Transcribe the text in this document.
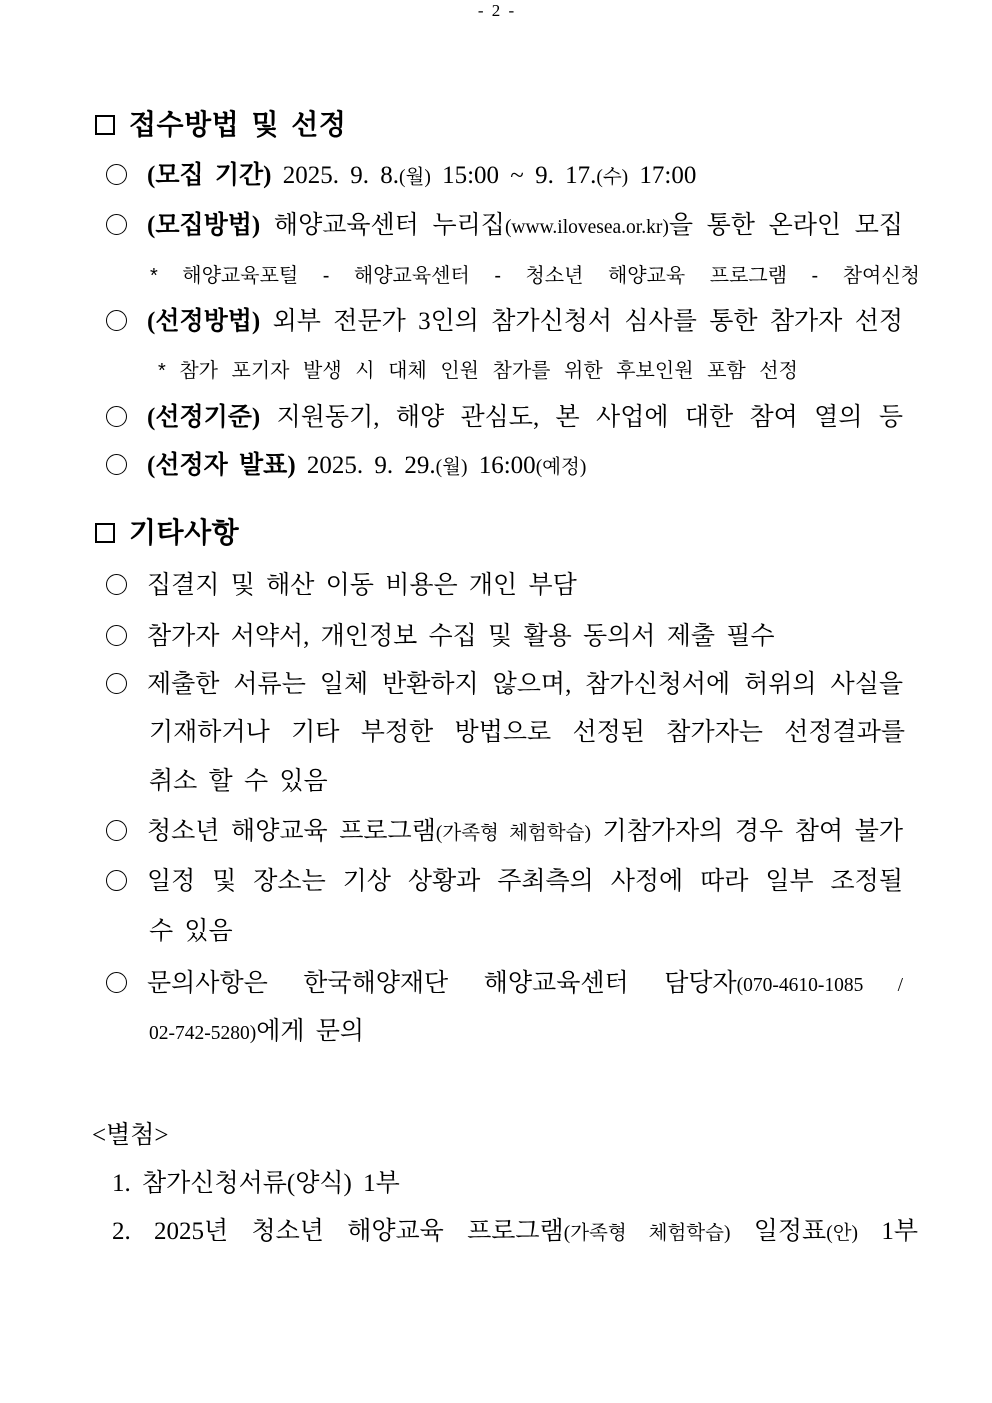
- 2 -
접수방법 및 선정
(모집 기간) 2025. 9. 8.(월) 15:00 ~ 9. 17.(수) 17:00
(모집방법) 해양교육센터 누리집(www.ilovesea.or.kr)을 통한 온라인 모집
* 해양교육포털 - 해양교육센터 - 청소년 해양교육 프로그램 - 참여신청
(선정방법) 외부 전문가 3인의 참가신청서 심사를 통한 참가자 선정
* 참가 포기자 발생 시 대체 인원 참가를 위한 후보인원 포함 선정
(선정기준) 지원동기, 해양 관심도, 본 사업에 대한 참여 열의 등
(선정자 발표) 2025. 9. 29.(월) 16:00(예정)
기타사항
집결지 및 해산 이동 비용은 개인 부담
참가자 서약서, 개인정보 수집 및 활용 동의서 제출 필수
제출한 서류는 일체 반환하지 않으며, 참가신청서에 허위의 사실을
기재하거나 기타 부정한 방법으로 선정된 참가자는 선정결과를
취소 할 수 있음
청소년 해양교육 프로그램(가족형 체험학습) 기참가자의 경우 참여 불가
일정 및 장소는 기상 상황과 주최측의 사정에 따라 일부 조정될
수 있음
문의사항은 한국해양재단 해양교육센터 담당자(070-4610-1085 /
02-742-5280)에게 문의
<별첨>
1. 참가신청서류(양식) 1부
2. 2025년 청소년 해양교육 프로그램(가족형 체험학습) 일정표(안) 1부
